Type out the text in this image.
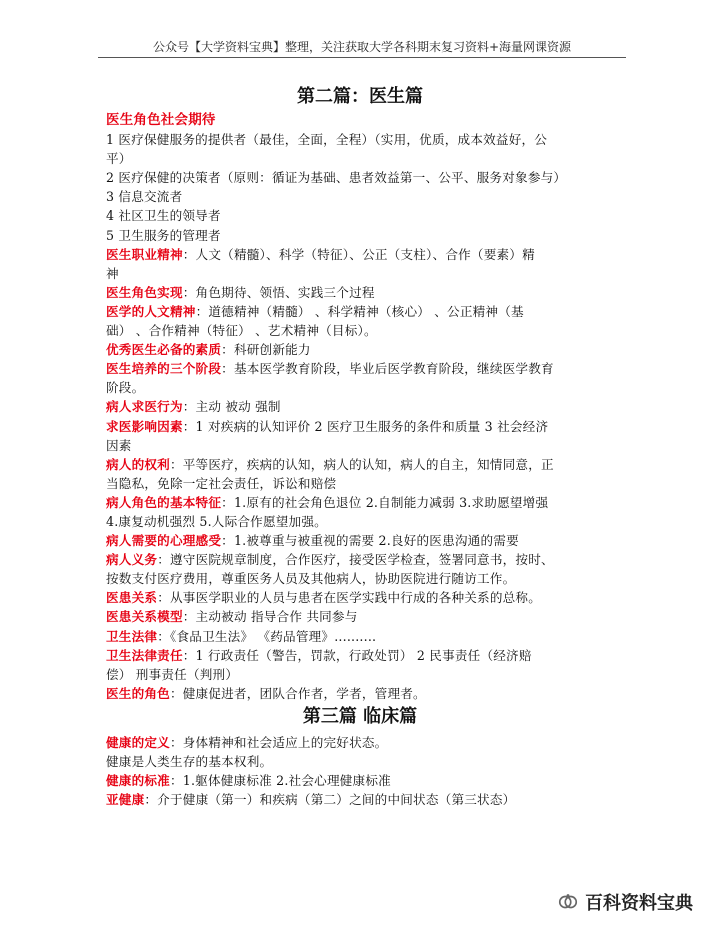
公众号【大学资料宝典】整理，关注获取大学各科期末复习资料+海量网课资源
第二篇：医生篇
医生角色社会期待
1 医疗保健服务的提供者（最佳，全面，全程）（实用，优质，成本效益好，公
平）
2 医疗保健的决策者（原则：循证为基础、患者效益第一、公平、服务对象参与）
3 信息交流者
4 社区卫生的领导者
5 卫生服务的管理者
医生职业精神：人文（精髓）、科学（特征）、公正（支柱）、合作（要素）精
神
医生角色实现：角色期待、领悟、实践三个过程
医学的人文精神：道德精神（精髓） 、科学精神（核心） 、公正精神（基
础） 、合作精神（特征） 、艺术精神（目标）。
优秀医生必备的素质：科研创新能力
医生培养的三个阶段：基本医学教育阶段，毕业后医学教育阶段，继续医学教育
阶段。
病人求医行为：主动 被动 强制
求医影响因素：1 对疾病的认知评价 2 医疗卫生服务的条件和质量 3 社会经济
因素
病人的权利：平等医疗，疾病的认知，病人的认知，病人的自主，知情同意，正
当隐私，免除一定社会责任，诉讼和赔偿
病人角色的基本特征：1.原有的社会角色退位 2.自制能力减弱 3.求助愿望增强
4.康复动机强烈 5.人际合作愿望加强。
病人需要的心理感受：1.被尊重与被重视的需要 2.良好的医患沟通的需要
病人义务：遵守医院规章制度，合作医疗，接受医学检查，签署同意书，按时、
按数支付医疗费用，尊重医务人员及其他病人，协助医院进行随访工作。
医患关系：从事医学职业的人员与患者在医学实践中行成的各种关系的总称。
医患关系模型：主动被动 指导合作 共同参与
卫生法律：《食品卫生法》 《药品管理》..........
卫生法律责任：1 行政责任（警告，罚款，行政处罚） 2 民事责任（经济赔
偿） 刑事责任（判刑）
医生的角色：健康促进者，团队合作者，学者，管理者。
第三篇 临床篇
健康的定义：身体精神和社会适应上的完好状态。
健康是人类生存的基本权利。
健康的标准：1.躯体健康标准 2.社会心理健康标准
亚健康：介于健康（第一）和疾病（第二）之间的中间状态（第三状态）
百科资料宝典
